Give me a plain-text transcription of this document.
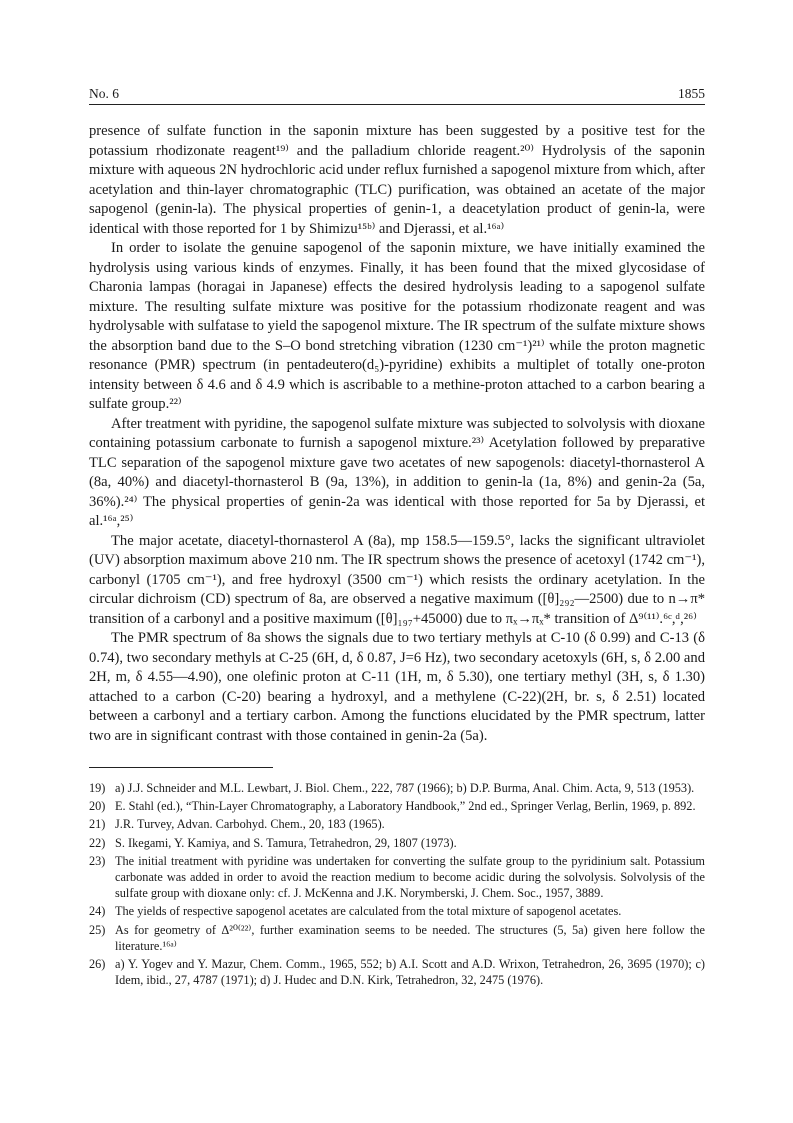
No. 6	1855

presence of sulfate function in the saponin mixture has been suggested by a positive test for the potassium rhodizonate reagent¹⁹⁾ and the palladium chloride reagent.²⁰⁾ Hydrolysis of the saponin mixture with aqueous 2N hydrochloric acid under reflux furnished a sapogenol mixture from which, after acetylation and thin-layer chromatographic (TLC) purification, was obtained an acetate of the major sapogenol (genin-la). The physical properties of genin-1, a deacetylation product of genin-la, were identical with those reported for 1 by Shimizu¹⁵ᵇ⁾ and Djerassi, et al.¹⁶ᵃ⁾

In order to isolate the genuine sapogenol of the saponin mixture, we have initially examined the hydrolysis using various kinds of enzymes. Finally, it has been found that the mixed glycosidase of Charonia lampas (horagai in Japanese) effects the desired hydrolysis leading to a sapogenol sulfate mixture. The resulting sulfate mixture was positive for the potassium rhodizonate reagent and was hydrolysable with sulfatase to yield the sapogenol mixture. The IR spectrum of the sulfate mixture shows the absorption band due to the S–O bond stretching vibration (1230 cm⁻¹)²¹⁾ while the proton magnetic resonance (PMR) spectrum (in pentadeutero(d₅)-pyridine) exhibits a multiplet of totally one-proton intensity between δ 4.6 and δ 4.9 which is ascribable to a methine-proton attached to a carbon bearing a sulfate group.²²⁾

After treatment with pyridine, the sapogenol sulfate mixture was subjected to solvolysis with dioxane containing potassium carbonate to furnish a sapogenol mixture.²³⁾ Acetylation followed by preparative TLC separation of the sapogenol mixture gave two acetates of new sapogenols: diacetyl-thornasterol A (8a, 40%) and diacetyl-thornasterol B (9a, 13%), in addition to genin-la (1a, 8%) and genin-2a (5a, 36%).²⁴⁾ The physical properties of genin-2a was identical with those reported for 5a by Djerassi, et al.¹⁶ᵃ,²⁵⁾

The major acetate, diacetyl-thornasterol A (8a), mp 158.5—159.5°, lacks the significant ultraviolet (UV) absorption maximum above 210 nm. The IR spectrum shows the presence of acetoxyl (1742 cm⁻¹), carbonyl (1705 cm⁻¹), and free hydroxyl (3500 cm⁻¹) which resists the ordinary acetylation. In the circular dichroism (CD) spectrum of 8a, are observed a negative maximum ([θ]₂₉₂—2500) due to n→π* transition of a carbonyl and a positive maximum ([θ]₁₉₇+45000) due to πₓ→πₓ* transition of Δ⁹⁽¹¹⁾.⁶ᶜ,ᵈ,²⁶⁾

The PMR spectrum of 8a shows the signals due to two tertiary methyls at C-10 (δ 0.99) and C-13 (δ 0.74), two secondary methyls at C-25 (6H, d, δ 0.87, J=6 Hz), two secondary acetoxyls (6H, s, δ 2.00 and 2H, m, δ 4.55—4.90), one olefinic proton at C-11 (1H, m, δ 5.30), one tertiary methyl (3H, s, δ 1.30) attached to a carbon (C-20) bearing a hydroxyl, and a methylene (C-22)(2H, br. s, δ 2.51) located between a carbonyl and a tertiary carbon. Among the functions elucidated by the PMR spectrum, latter two are in significant contrast with those contained in genin-2a (5a).

19) a) J.J. Schneider and M.L. Lewbart, J. Biol. Chem., 222, 787 (1966); b) D.P. Burma, Anal. Chim. Acta, 9, 513 (1953).
20) E. Stahl (ed.), “Thin-Layer Chromatography, a Laboratory Handbook,” 2nd ed., Springer Verlag, Berlin, 1969, p. 892.
21) J.R. Turvey, Advan. Carbohyd. Chem., 20, 183 (1965).
22) S. Ikegami, Y. Kamiya, and S. Tamura, Tetrahedron, 29, 1807 (1973).
23) The initial treatment with pyridine was undertaken for converting the sulfate group to the pyridinium salt. Potassium carbonate was added in order to avoid the reaction medium to become acidic during the solvolysis. Solvolysis of the sulfate group with dioxane only: cf. J. McKenna and J.K. Norymberski, J. Chem. Soc., 1957, 3889.
24) The yields of respective sapogenol acetates are calculated from the total mixture of sapogenol acetates.
25) As for geometry of Δ²⁰⁽²²⁾, further examination seems to be needed. The structures (5, 5a) given here follow the literature.¹⁶ᵃ⁾
26) a) Y. Yogev and Y. Mazur, Chem. Comm., 1965, 552; b) A.I. Scott and A.D. Wrixon, Tetrahedron, 26, 3695 (1970); c) Idem, ibid., 27, 4787 (1971); d) J. Hudec and D.N. Kirk, Tetrahedron, 32, 2475 (1976).
